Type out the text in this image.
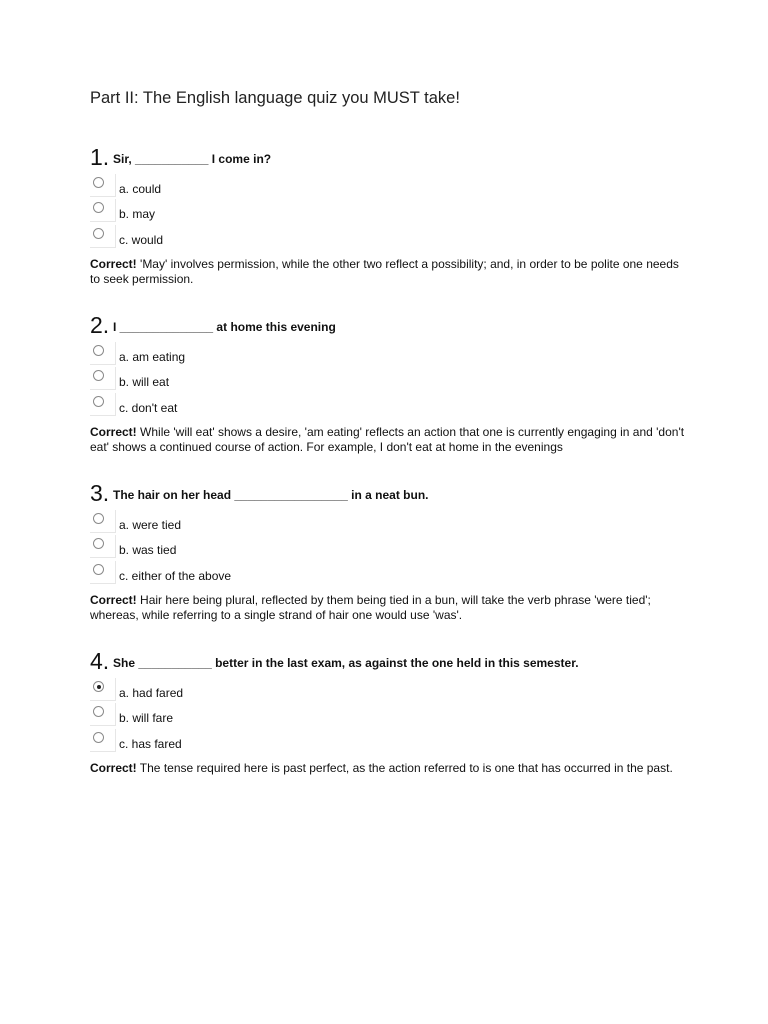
Part II: The English language quiz you MUST take!
1. Sir, ___________ I come in?
a. could
b. may
c. would
Correct! 'May' involves permission, while the other two reflect a possibility; and, in order to be polite one needs to seek permission.
2. I ______________ at home this evening
a. am eating
b. will eat
c. don't eat
Correct! While 'will eat' shows a desire, 'am eating' reflects an action that one is currently engaging in and 'don't eat' shows a continued course of action. For example, I don't eat at home in the evenings
3. The hair on her head _________________ in a neat bun.
a. were tied
b. was tied
c. either of the above
Correct! Hair here being plural, reflected by them being tied in a bun, will take the verb phrase 'were tied'; whereas, while referring to a single strand of hair one would use 'was'.
4. She ___________ better in the last exam, as against the one held in this semester.
a. had fared
b. will fare
c. has fared
Correct! The tense required here is past perfect, as the action referred to is one that has occurred in the past.
